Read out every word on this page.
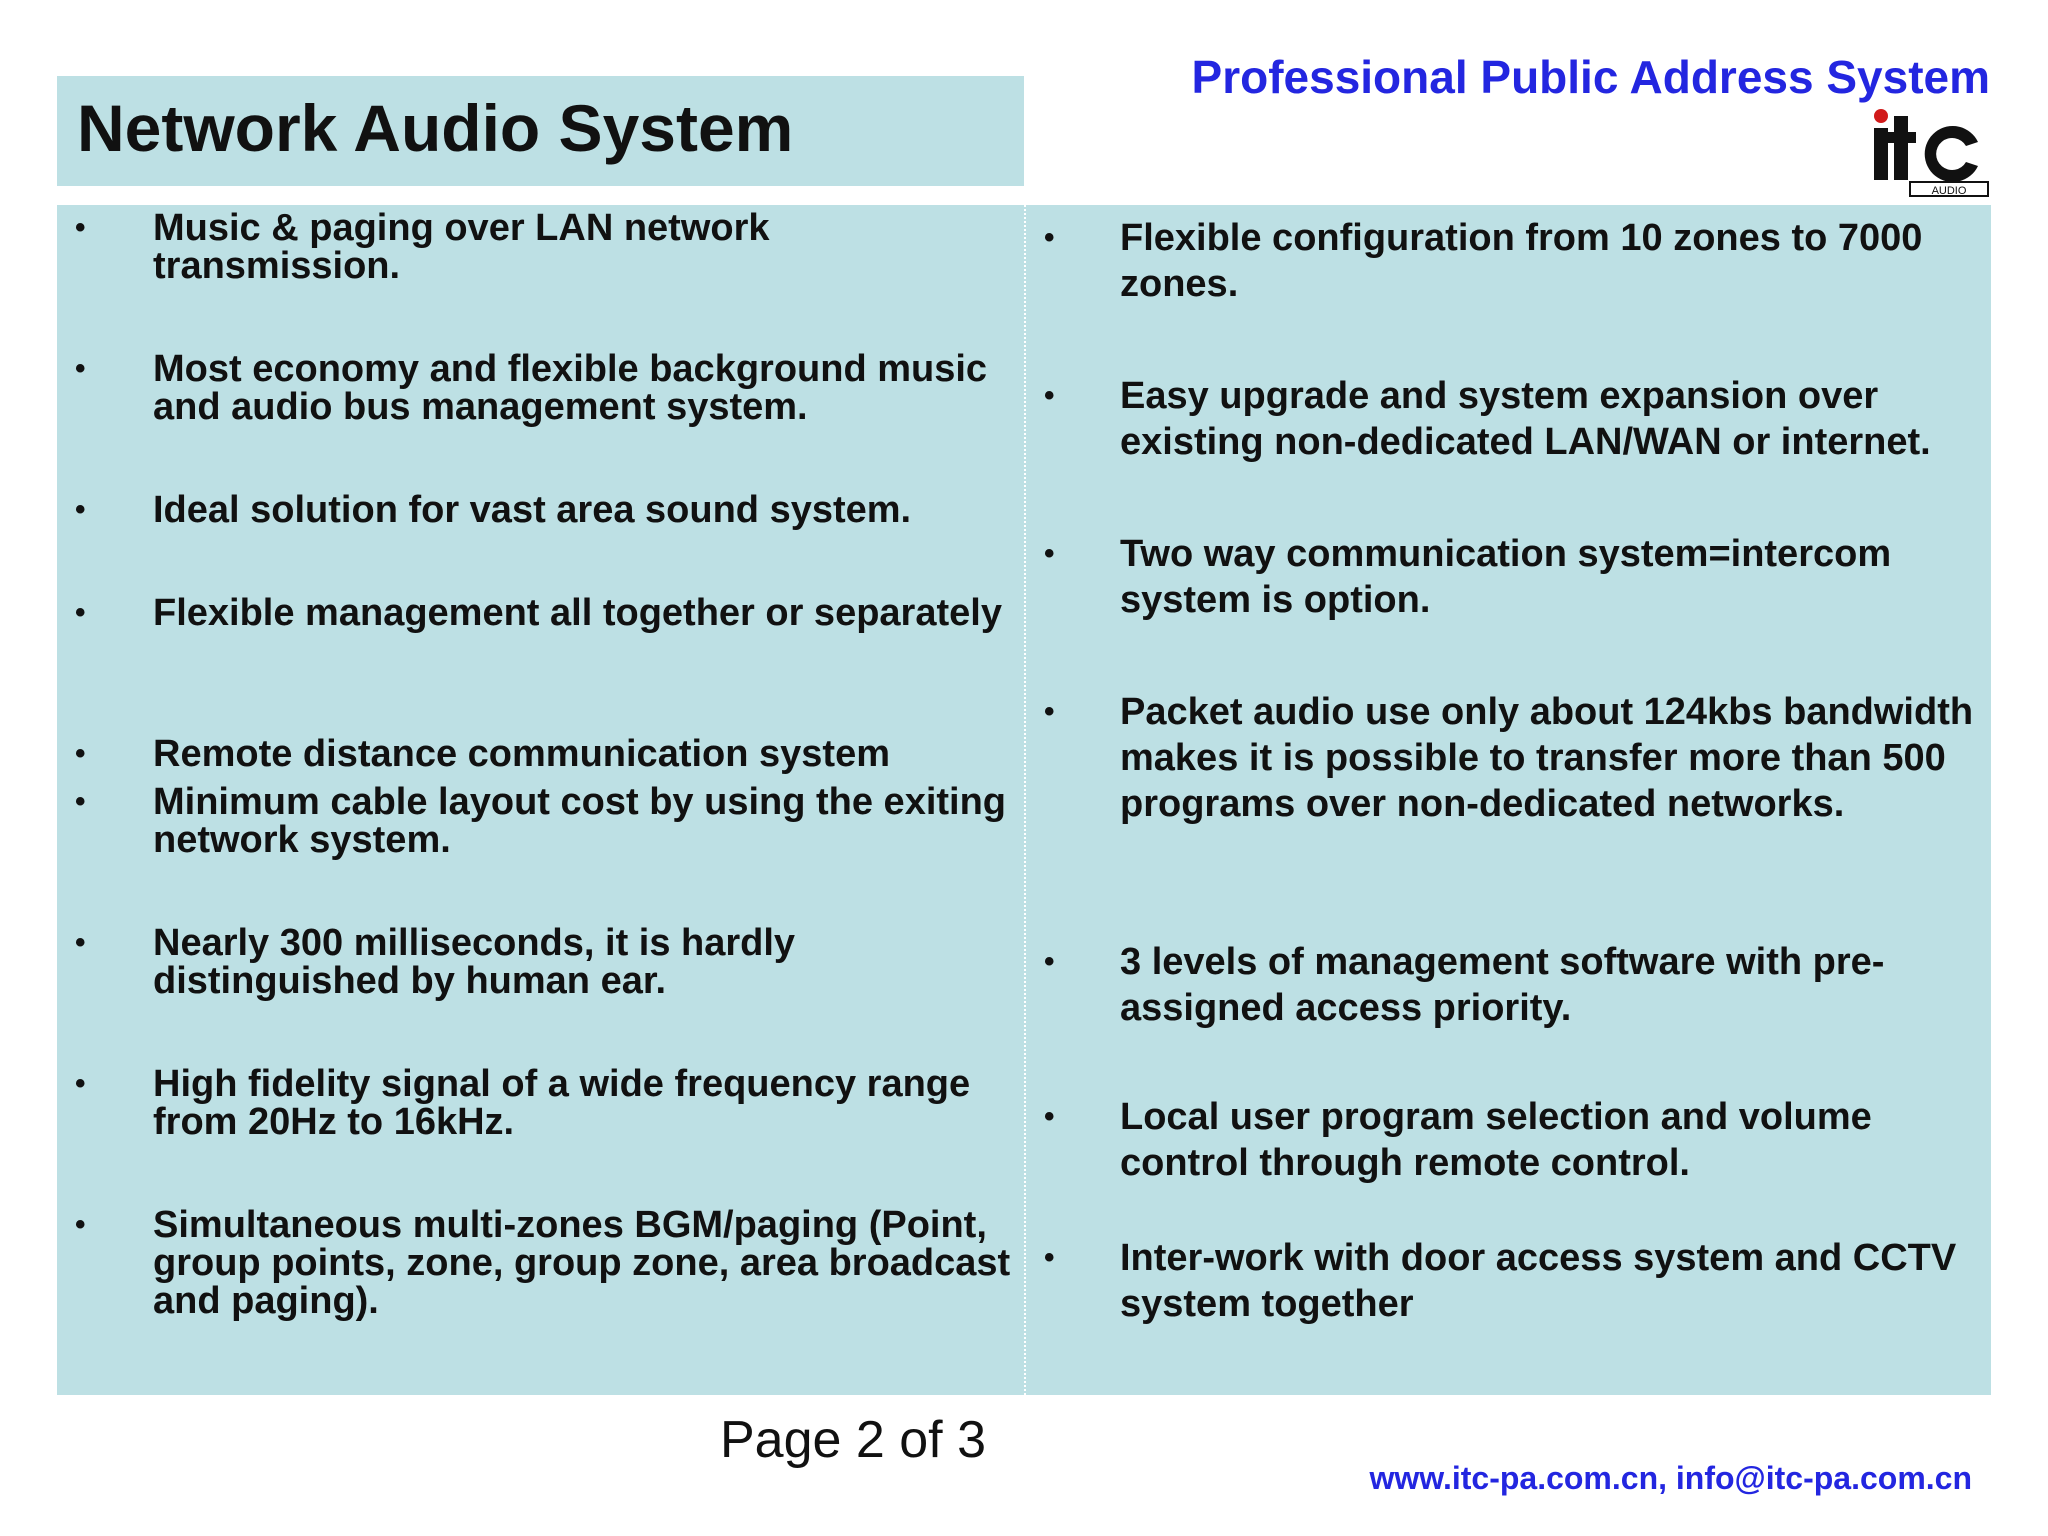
Network Audio System
Professional Public Address System
AUDIO
• Music & paging over LAN network transmission.
• Most economy and flexible background music and audio bus management system.
• Ideal solution for vast area sound system.
• Flexible management all together or separately
• Remote distance communication system
• Minimum cable layout cost by using the exiting network system.
• Nearly 300 milliseconds, it is hardly distinguished by human ear.
• High fidelity signal of a wide frequency range from 20Hz to 16kHz.
• Simultaneous multi-zones BGM/paging (Point, group points, zone, group zone, area broadcast and paging).
• Flexible configuration from 10 zones to 7000 zones.
• Easy upgrade and system expansion over existing non-dedicated LAN/WAN or internet.
• Two way communication system=intercom system is option.
• Packet audio use only about 124kbs bandwidth makes it is possible to transfer more than 500 programs over non-dedicated networks.
• 3 levels of management software with pre-assigned access priority.
• Local user program selection and volume control through remote control.
• Inter-work with door access system and CCTV system together
Page 2 of 3
www.itc-pa.com.cn, info@itc-pa.com.cn
